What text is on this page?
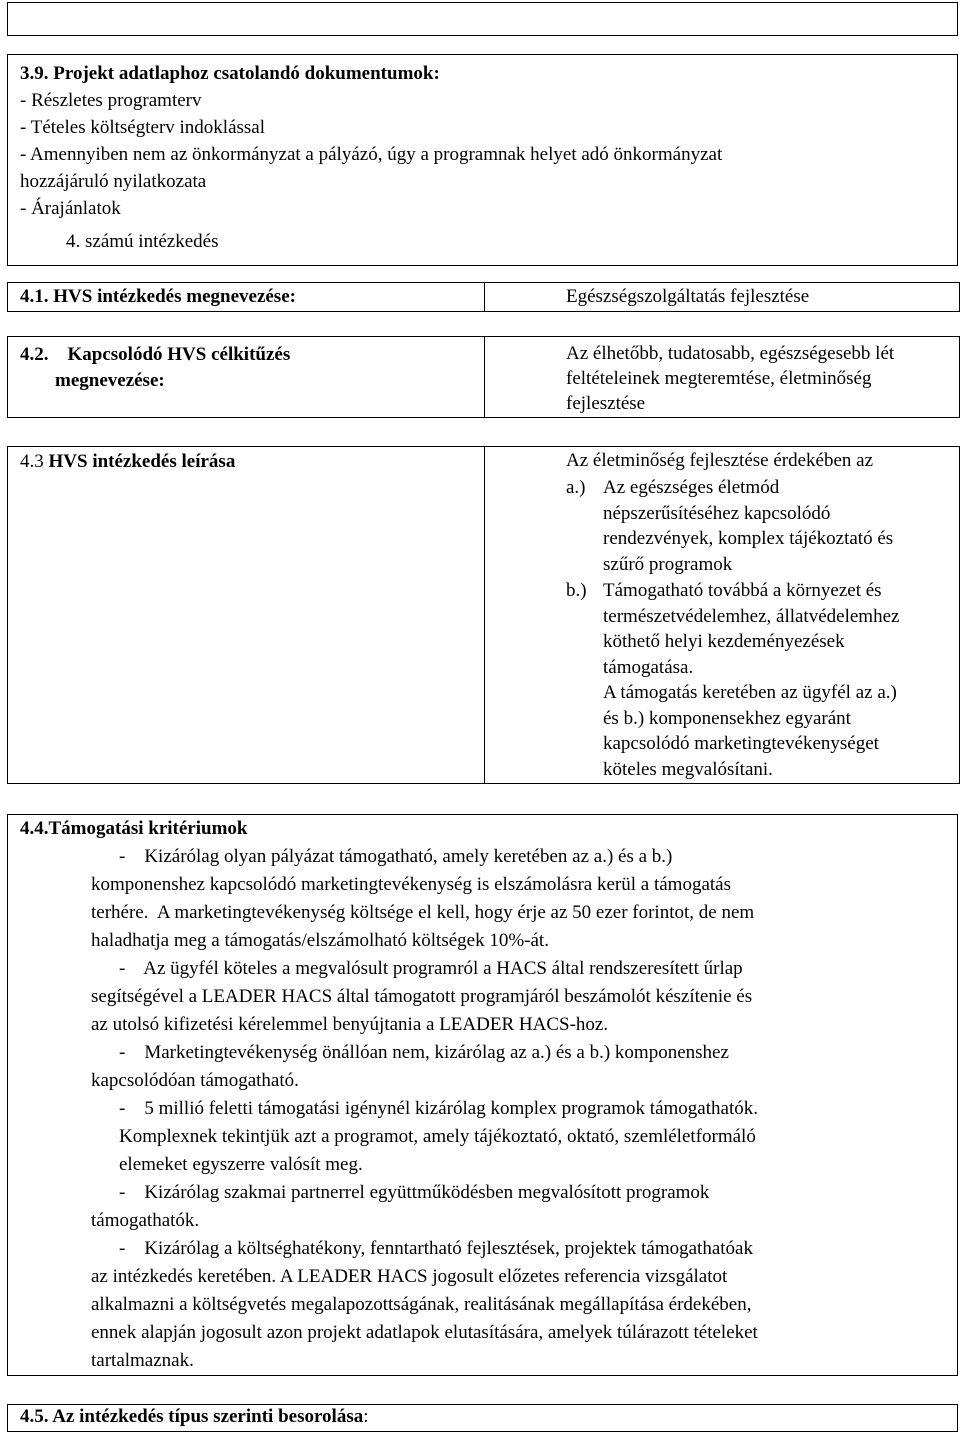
3.9. Projekt adatlaphoz csatolandó dokumentumok:
- Részletes programterv
- Tételes költségterv indoklással
- Amennyiben nem az önkormányzat a pályázó, úgy a programnak helyet adó önkormányzat
hozzájáruló nyilatkozata
- Árajánlatok
4. számú intézkedés
4.1. HVS intézkedés megnevezése:	Egészségszolgáltatás fejlesztése
4.2.    Kapcsolódó HVS célkitűzés
megnevezése:
Az élhetőbb, tudatosabb, egészségesebb lét
feltételeinek megteremtése, életminőség
fejlesztése
4.3 HVS intézkedés leírása	Az életminőség fejlesztése érdekében az
a.) Az egészséges életmód
népszerűsítéséhez kapcsolódó
rendezvények, komplex tájékoztató és
szűrő programok
b.) Támogatható továbbá a környezet és
természetvédelemhez, állatvédelemhez
köthető helyi kezdeményezések
támogatása.
A támogatás keretében az ügyfél az a.)
és b.) komponensekhez egyaránt
kapcsolódó marketingtevékenységet
köteles megvalósítani.
4.4.Támogatási kritériumok
-    Kizárólag olyan pályázat támogatható, amely keretében az a.) és a b.)
komponenshez kapcsolódó marketingtevékenység is elszámolásra kerül a támogatás
terhére.  A marketingtevékenység költsége el kell, hogy érje az 50 ezer forintot, de nem
haladhatja meg a támogatás/elszámolható költségek 10%-át.
-    Az ügyfél köteles a megvalósult programról a HACS által rendszeresített űrlap
segítségével a LEADER HACS által támogatott programjáról beszámolót készítenie és
az utolsó kifizetési kérelemmel benyújtania a LEADER HACS-hoz.
-    Marketingtevékenység önállóan nem, kizárólag az a.) és a b.) komponenshez
kapcsolódóan támogatható.
-    5 millió feletti támogatási igénynél kizárólag komplex programok támogathatók.
Komplexnek tekintjük azt a programot, amely tájékoztató, oktató, szemléletformáló
elemeket egyszerre valósít meg.
-    Kizárólag szakmai partnerrel együttműködésben megvalósított programok
támogathatók.
-    Kizárólag a költséghatékony, fenntartható fejlesztések, projektek támogathatóak
az intézkedés keretében. A LEADER HACS jogosult előzetes referencia vizsgálatot
alkalmazni a költségvetés megalapozottságának, realitásának megállapítása érdekében,
ennek alapján jogosult azon projekt adatlapok elutasítására, amelyek túlárazott tételeket
tartalmaznak.
4.5. Az intézkedés típus szerinti besorolása:
